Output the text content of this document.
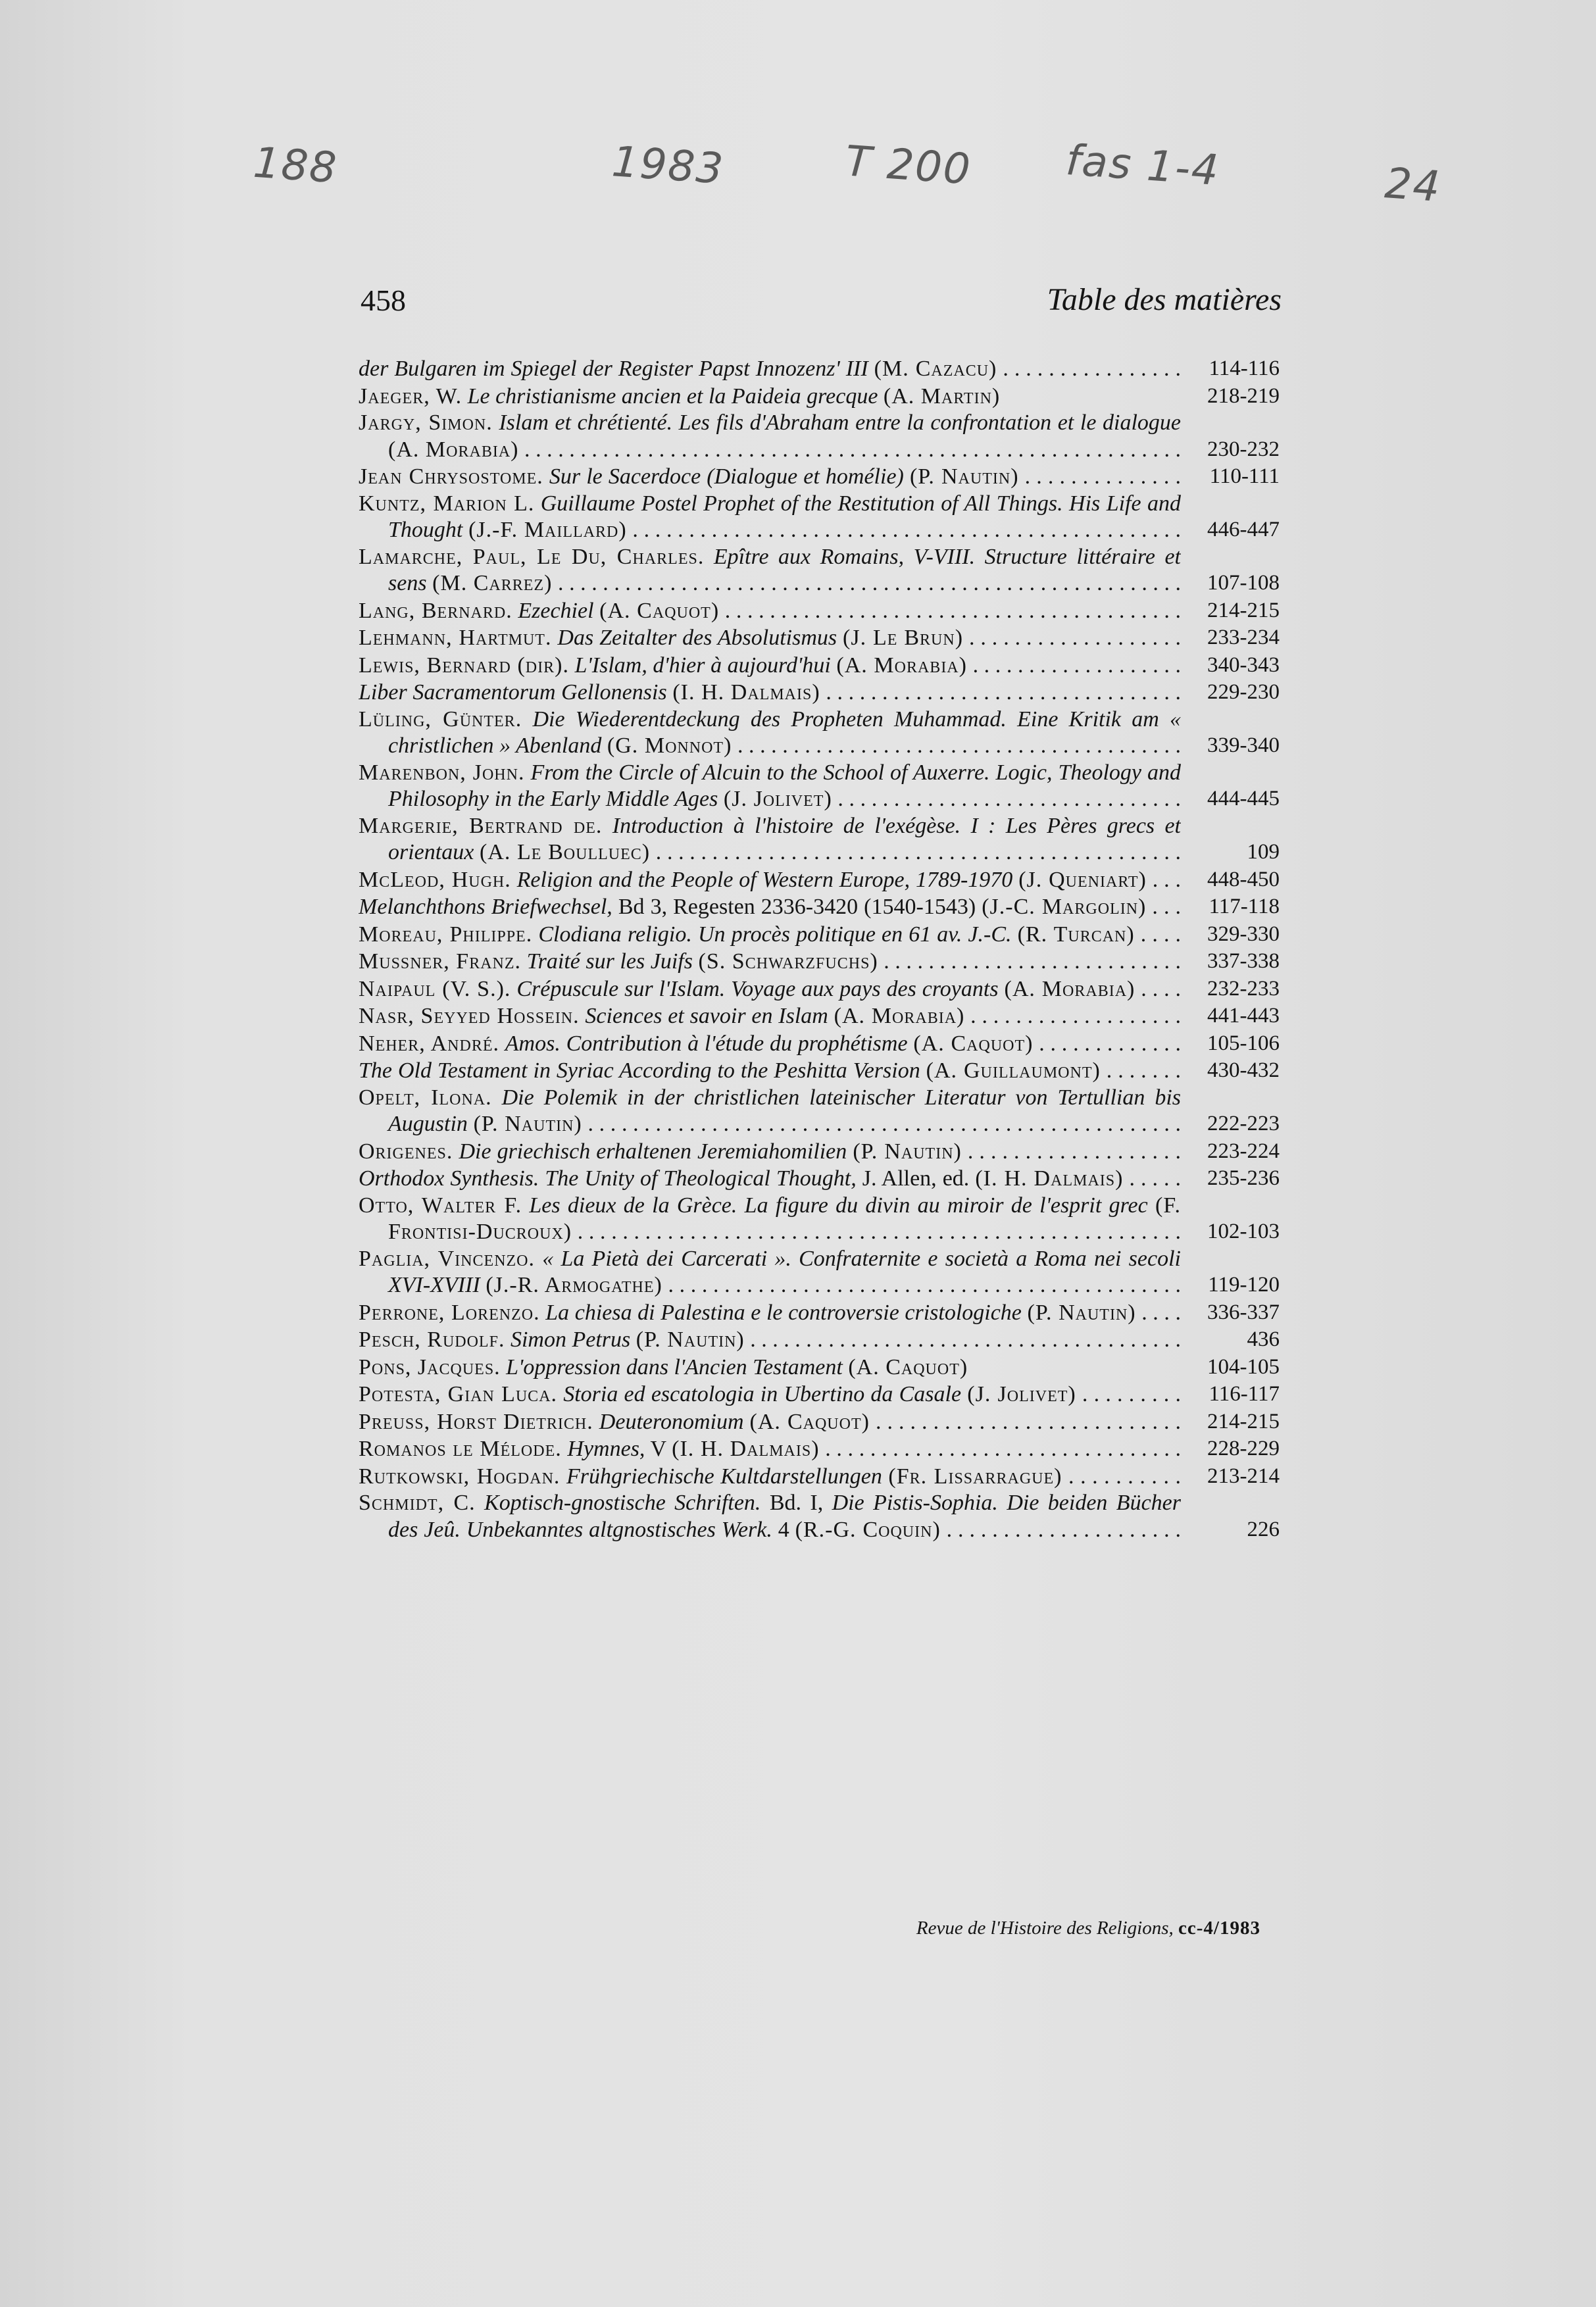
188	1983	T 200 fas 1-4	24
458	Table des matières
der Bulgaren im Spiegel der Register Papst Innozenz' III (M. Cazacu) . . .	114-116
Jaeger, W. Le christianisme ancien et la Paideia grecque (A. Martin)	218-219
Jargy, Simon. Islam et chrétienté. Les fils d'Abraham entre la confrontation et le dialogue (A. Morabia) . . .	230-232
Jean Chrysostome. Sur le Sacerdoce (Dialogue et homélie) (P. Nautin) . . .	110-111
Kuntz, Marion L. Guillaume Postel Prophet of the Restitution of All Things. His Life and Thought (J.-F. Maillard) . . .	446-447
Lamarche, Paul, Le Du, Charles. Epître aux Romains, V-VIII. Structure littéraire et sens (M. Carrez) . . .	107-108
Lang, Bernard. Ezechiel (A. Caquot) . . .	214-215
Lehmann, Hartmut. Das Zeitalter des Absolutismus (J. Le Brun) . . .	233-234
Lewis, Bernard (dir). L'Islam, d'hier à aujourd'hui (A. Morabia) . . .	340-343
Liber Sacramentorum Gellonensis (I. H. Dalmais) . . .	229-230
Lüling, Günter. Die Wiederentdeckung des Propheten Muhammad. Eine Kritik am « christlichen » Abenland (G. Monnot) . . .	339-340
Marenbon, John. From the Circle of Alcuin to the School of Auxerre. Logic, Theology and Philosophy in the Early Middle Ages (J. Jolivet) . . .	444-445
Margerie, Bertrand de. Introduction à l'histoire de l'exégèse. I : Les Pères grecs et orientaux (A. Le Boulluec) . . .	109
McLeod, Hugh. Religion and the People of Western Europe, 1789-1970 (J. Queniart) . . .	448-450
Melanchthons Briefwechsel, Bd 3, Regesten 2336-3420 (1540-1543) (J.-C. Margolin) . . .	117-118
Moreau, Philippe. Clodiana religio. Un procès politique en 61 av. J.-C. (R. Turcan) . . .	329-330
Mussner, Franz. Traité sur les Juifs (S. Schwarzfuchs) . . .	337-338
Naipaul (V. S.). Crépuscule sur l'Islam. Voyage aux pays des croyants (A. Morabia) . . .	232-233
Nasr, Seyyed Hossein. Sciences et savoir en Islam (A. Morabia) . . .	441-443
Neher, André. Amos. Contribution à l'étude du prophétisme (A. Caquot) . . .	105-106
The Old Testament in Syriac According to the Peshitta Version (A. Guillaumont) . . .	430-432
Opelt, Ilona. Die Polemik in der christlichen lateinischer Literatur von Tertullian bis Augustin (P. Nautin) . . .	222-223
Origenes. Die griechisch erhaltenen Jeremiahomilien (P. Nautin) . . .	223-224
Orthodox Synthesis. The Unity of Theological Thought, J. Allen, ed. (I. H. Dalmais) . . .	235-236
Otto, Walter F. Les dieux de la Grèce. La figure du divin au miroir de l'esprit grec (F. Frontisi-Ducroux) . . .	102-103
Paglia, Vincenzo. « La Pietà dei Carcerati ». Confraternite e società a Roma nei secoli XVI-XVIII (J.-R. Armogathe) . . .	119-120
Perrone, Lorenzo. La chiesa di Palestina e le controversie cristologiche (P. Nautin) . . .	336-337
Pesch, Rudolf. Simon Petrus (P. Nautin) . . .	436
Pons, Jacques. L'oppression dans l'Ancien Testament (A. Caquot)	104-105
Potesta, Gian Luca. Storia ed escatologia in Ubertino da Casale (J. Jolivet) . . .	116-117
Preuss, Horst Dietrich. Deuteronomium (A. Caquot) . . .	214-215
Romanos le Mélode. Hymnes, V (I. H. Dalmais) . . .	228-229
Rutkowski, Hogdan. Frühgriechische Kultdarstellungen (Fr. Lissarrague) . . .	213-214
Schmidt, C. Koptisch-gnostische Schriften. Bd. I, Die Pistis-Sophia. Die beiden Bücher des Jeû. Unbekanntes altgnostisches Werk. 4 (R.-G. Coquin) . . .	226
Revue de l'Histoire des Religions, cc-4/1983
